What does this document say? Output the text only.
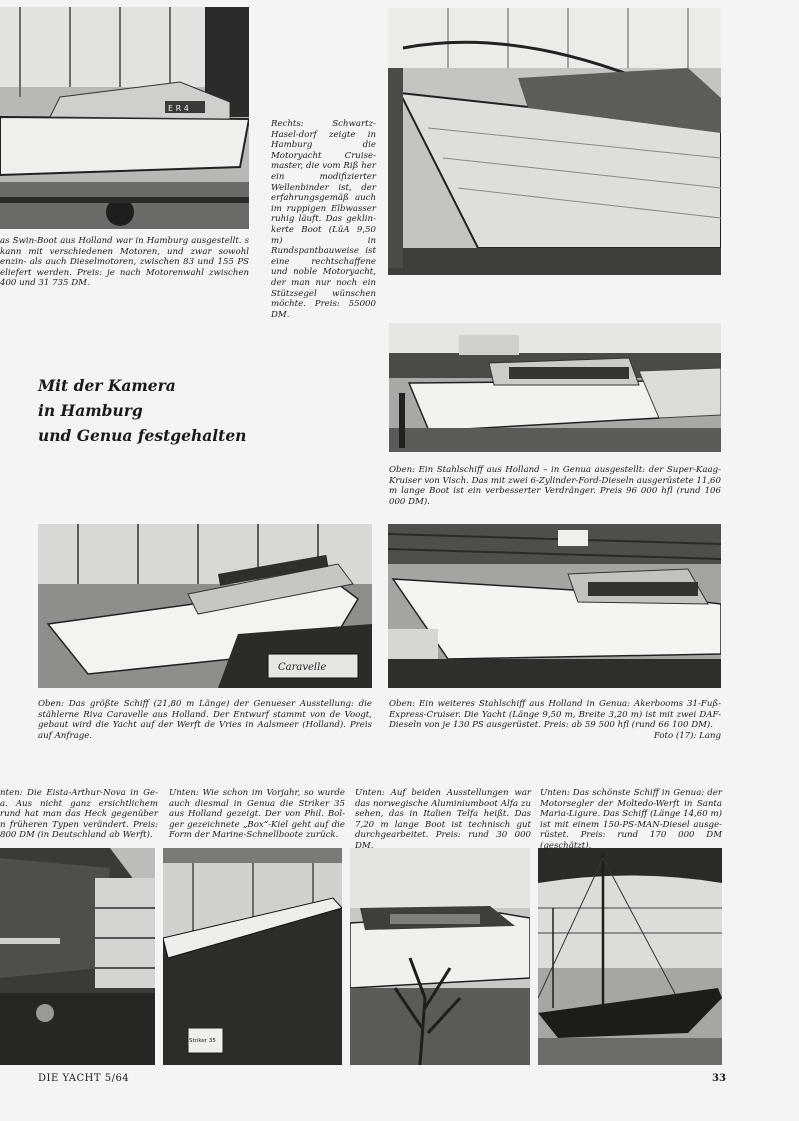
E R 4
Caravelle
Striker 35

as Swin-Boot aus Holland war in Hamburg ausgestellt. s kann mit verschiedenen Motoren, und zwar sowohl enzin- als auch Dieselmotoren, zwischen 83 und 155 PS eliefert werden. Preis: je nach Motorenwahl zwischen 400 und 31 735 DM.

Rechts: Schwartz-Hasel-dorf zeigte in Hamburg die Motoryacht Cruise-master, die vom Riß her ein modifizierter Wellenbinder ist, der erfahrungsgemäß auch im ruppigen Elbwasser ruhig läuft. Das geklin-kerte Boot (LüA 9,50 m) in Rundspantbauweise ist eine rechtschaffene und noble Motoryacht, der man nur noch ein Stützsegel wünschen möchte. Preis: 55000 DM.

Mit der Kamera
in Hamburg
und Genua festgehalten

Oben: Ein Stahlschiff aus Holland – in Genua ausgestellt: der Super-Kaag-Kruiser von Visch. Das mit zwei 6-Zylinder-Ford-Dieseln ausgerüstete 11,60 m lange Boot ist ein verbesserter Verdränger. Preis 96 000 hfl (rund 106 000 DM).

Oben: Das größte Schiff (21,80 m Länge) der Genueser Ausstellung: die stählerne Riva Caravelle aus Holland. Der Entwurf stammt von de Voogt, gebaut wird die Yacht auf der Werft de Vries in Aalsmeer (Holland). Preis auf Anfrage.

Oben: Ein weiteres Stahlschiff aus Holland in Genua: Akerbooms 31-Fuß-Express-Cruiser. Die Yacht (Länge 9,50 m, Breite 3,20 m) ist mit zwei DAF-Dieseln von je 130 PS ausgerüstet. Preis: ab 59 500 hfl (rund 66 100 DM).

Foto (17): Lang

nten: Die Eista-Arthur-Nova in Ge-a. Aus nicht ganz ersichtlichem rund hat man das Heck gegenüber n früheren Typen verändert. Preis: 800 DM (in Deutschland ab Werft).

Unten: Wie schon im Vorjahr, so wurde auch diesmal in Genua die Striker 35 aus Holland gezeigt. Der von Phil. Bol-ger gezeichnete „Box“-Kiel geht auf die Form der Marine-Schnellboote zurück.

Unten: Auf beiden Ausstellungen war das norwegische Aluminiumboot Alfa zu sehen, das in Italien Telfa heißt. Das 7,20 m lange Boot ist technisch gut durchgearbeitet. Preis: rund 30 000 DM.

Unten: Das schönste Schiff in Genua: der Motorsegler der Moltedo-Werft in Santa Maria-Ligure. Das Schiff (Länge 14,60 m) ist mit einem 150-PS-MAN-Diesel ausge-rüstet. Preis: rund 170 000 DM (geschätzt).

DIE YACHT 5/64	33
